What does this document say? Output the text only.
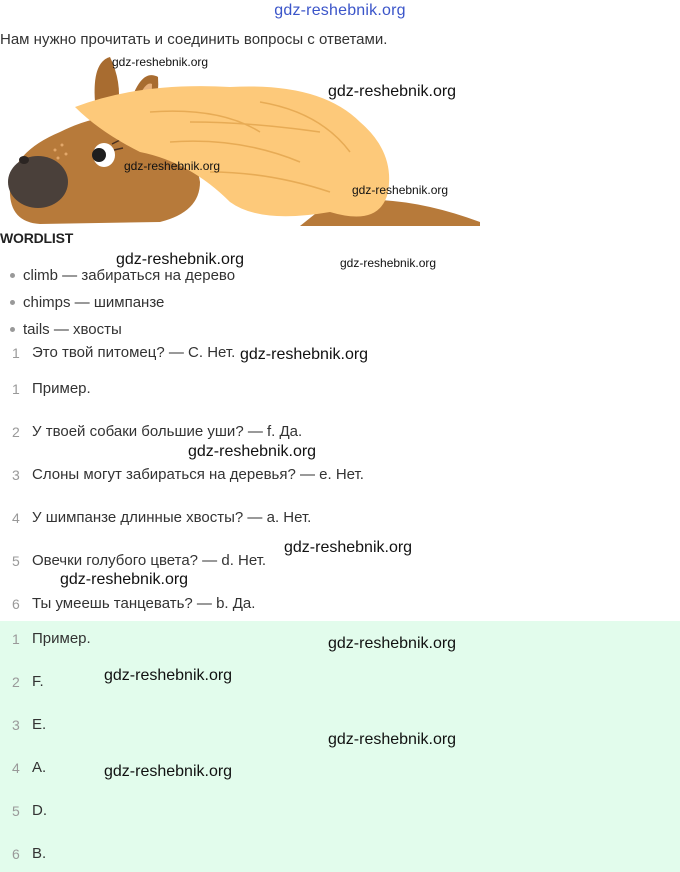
gdz-reshebnik.org
Нам нужно прочитать и соединить вопросы с ответами.
WORDLIST
climb — забираться на дерево
chimps — шимпанзе
tails — хвосты
1 Это твой питомец? — C. Нет.
1 Пример.
2 У твоей собаки большие уши? — f. Да.
3 Слоны могут забираться на деревья? — e. Нет.
4 У шимпанзе длинные хвосты? — a. Нет.
5 Овечки голубого цвета? — d. Нет.
6 Ты умеешь танцевать? — b. Да.
1 Пример.
2 F.
3 E.
4 A.
5 D.
6 B.
gdz-reshebnik.org
gdz-reshebnik.org
gdz-reshebnik.org
gdz-reshebnik.org
gdz-reshebnik.org	gdz-reshebnik.org
gdz-reshebnik.org
gdz-reshebnik.org
gdz-reshebnik.org
gdz-reshebnik.org
gdz-reshebnik.org
gdz-reshebnik.org
gdz-reshebnik.org
gdz-reshebnik.org
